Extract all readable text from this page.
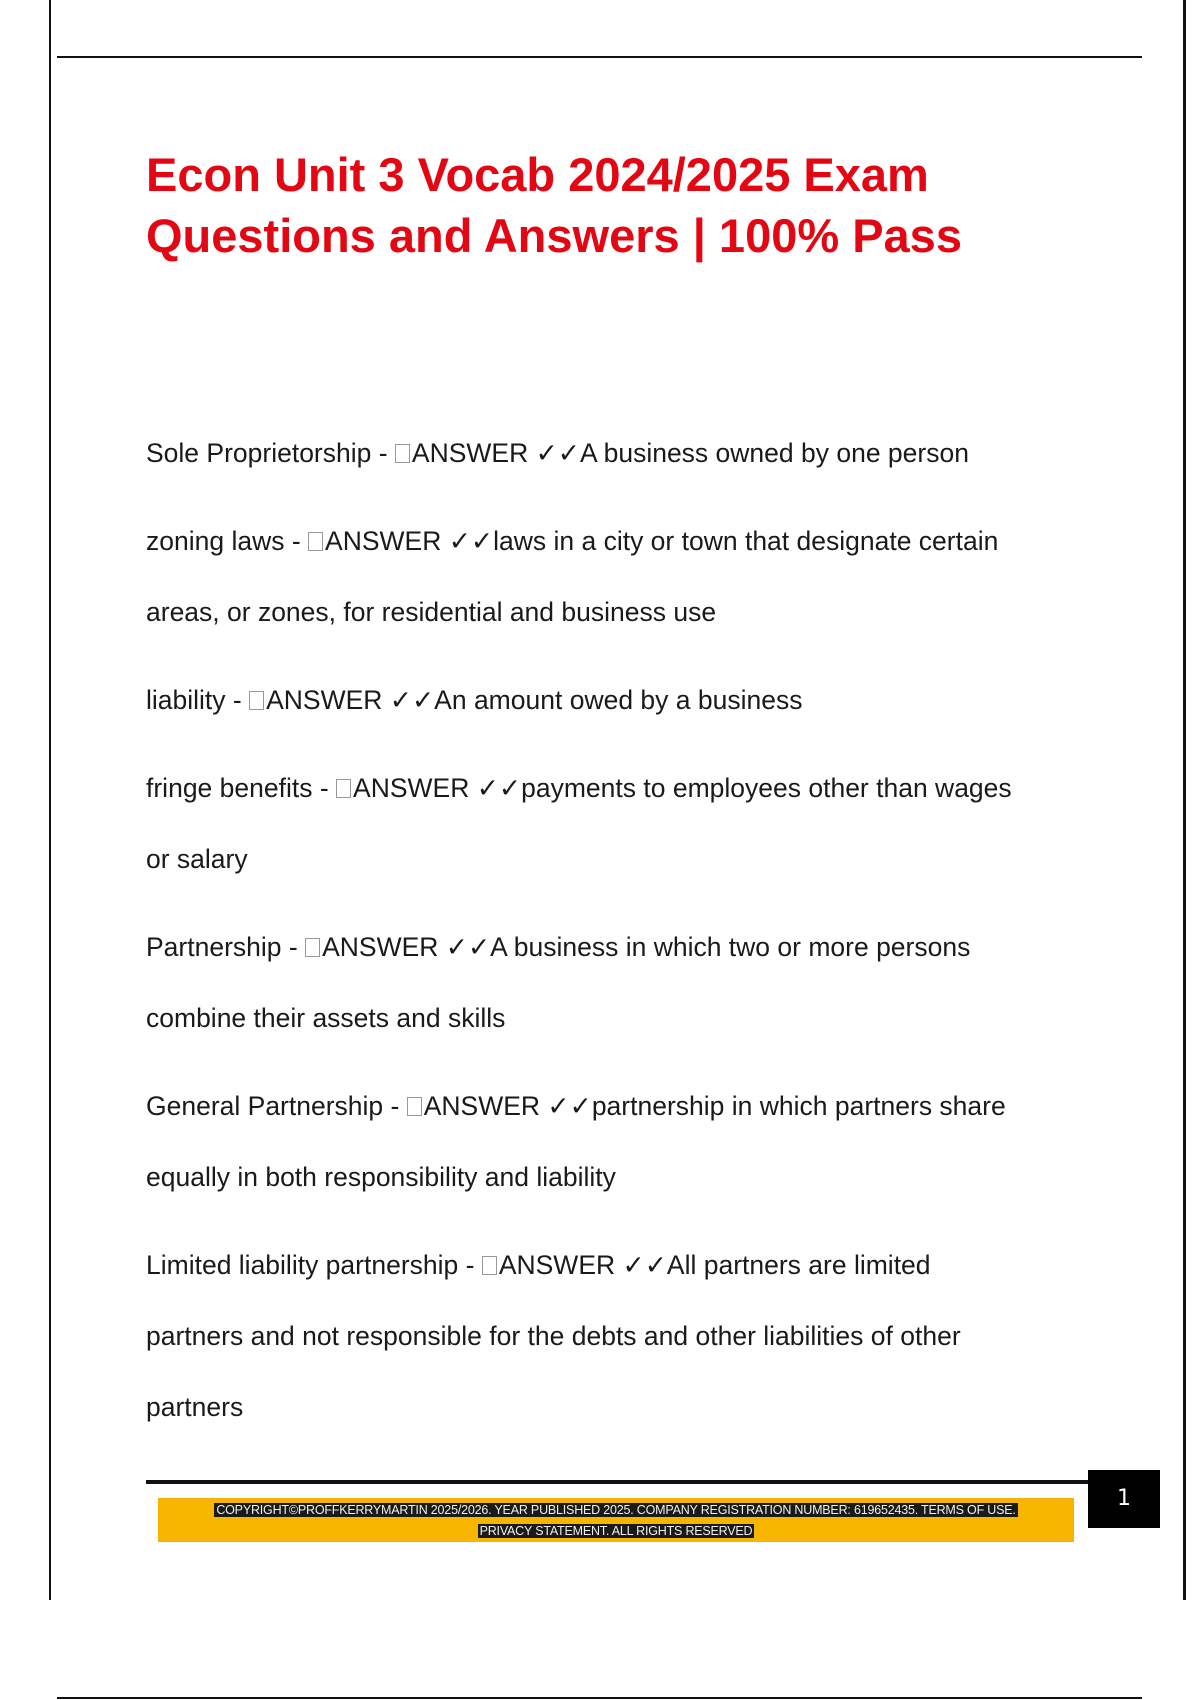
Econ Unit 3 Vocab 2024/2025 Exam
Questions and Answers | 100% Pass

Sole Proprietorship - ANSWER ✓✓A business owned by one person

zoning laws - ANSWER ✓✓laws in a city or town that designate certain
areas, or zones, for residential and business use

liability - ANSWER ✓✓An amount owed by a business

fringe benefits - ANSWER ✓✓payments to employees other than wages
or salary

Partnership - ANSWER ✓✓A business in which two or more persons
combine their assets and skills

General Partnership - ANSWER ✓✓partnership in which partners share
equally in both responsibility and liability

Limited liability partnership - ANSWER ✓✓All partners are limited
partners and not responsible for the debts and other liabilities of other
partners

1
COPYRIGHT©PROFFKERRYMARTIN 2025/2026. YEAR PUBLISHED 2025. COMPANY REGISTRATION NUMBER: 619652435. TERMS OF USE.
PRIVACY STATEMENT. ALL RIGHTS RESERVED
